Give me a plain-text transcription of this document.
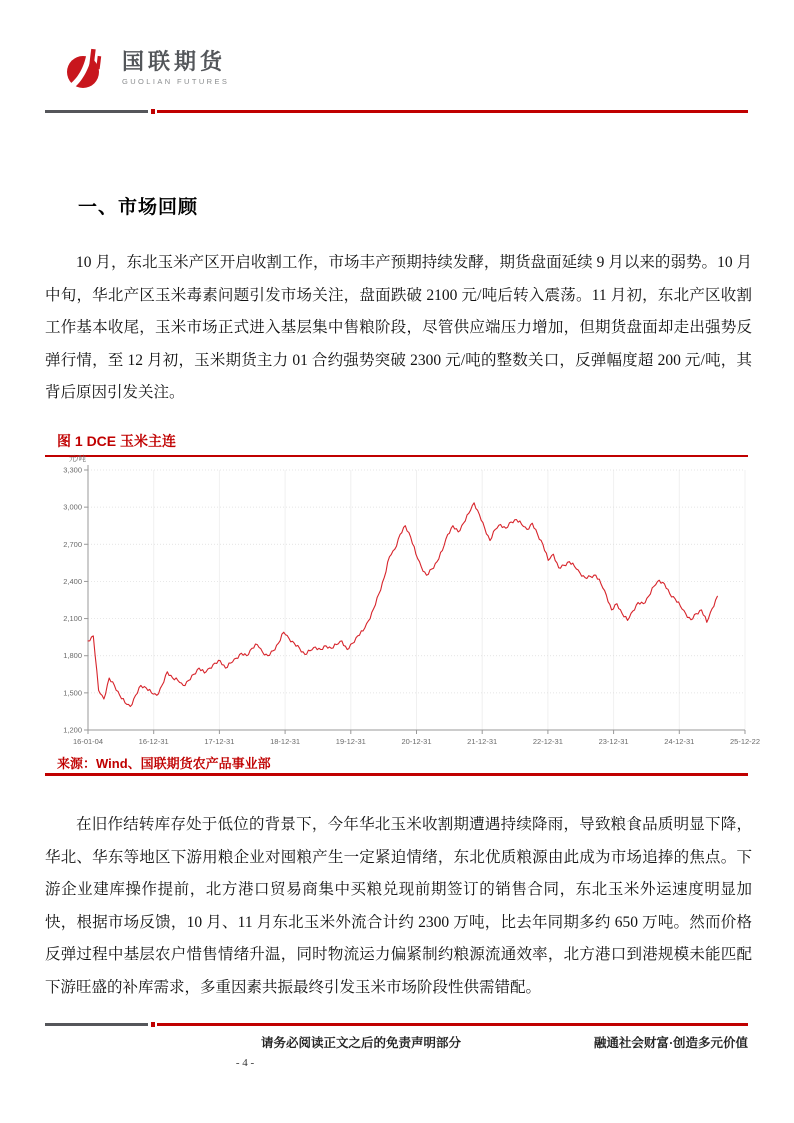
国联期货
GUOLIAN FUTURES
一、市场回顾

10 月，东北玉米产区开启收割工作，市场丰产预期持续发酵，期货盘面延续 9 月以来的弱势。10 月中旬，华北产区玉米毒素问题引发市场关注，盘面跌破 2100 元/吨后转入震荡。11 月初，东北产区收割工作基本收尾，玉米市场正式进入基层集中售粮阶段，尽管供应端压力增加，但期货盘面却走出强势反弹行情，至 12 月初，玉米期货主力 01 合约强势突破 2300 元/吨的整数关口，反弹幅度超 200 元/吨，其背后原因引发关注。

图 1 DCE 玉米主连
16-01-04	16-12-31	17-12-31	18-12-31	19-12-31	20-12-31	21-12-31	22-12-31	23-12-31	24-12-31	25-12-22
3,300
3,000
2,700
2,400
2,100
1,800
1,500
1,200
元/吨
来源：Wind、国联期货农产品事业部

在旧作结转库存处于低位的背景下，今年华北玉米收割期遭遇持续降雨，导致粮食品质明显下降，华北、华东等地区下游用粮企业对囤粮产生一定紧迫情绪，东北优质粮源由此成为市场追捧的焦点。下游企业建库操作提前，北方港口贸易商集中买粮兑现前期签订的销售合同，东北玉米外运速度明显加快，根据市场反馈，10 月、11 月东北玉米外流合计约 2300 万吨，比去年同期多约 650 万吨。然而价格反弹过程中基层农户惜售情绪升温，同时物流运力偏紧制约粮源流通效率，北方港口到港规模未能匹配下游旺盛的补库需求，多重因素共振最终引发玉米市场阶段性供需错配。

请务必阅读正文之后的免责声明部分	融通社会财富·创造多元价值
- 4 -
